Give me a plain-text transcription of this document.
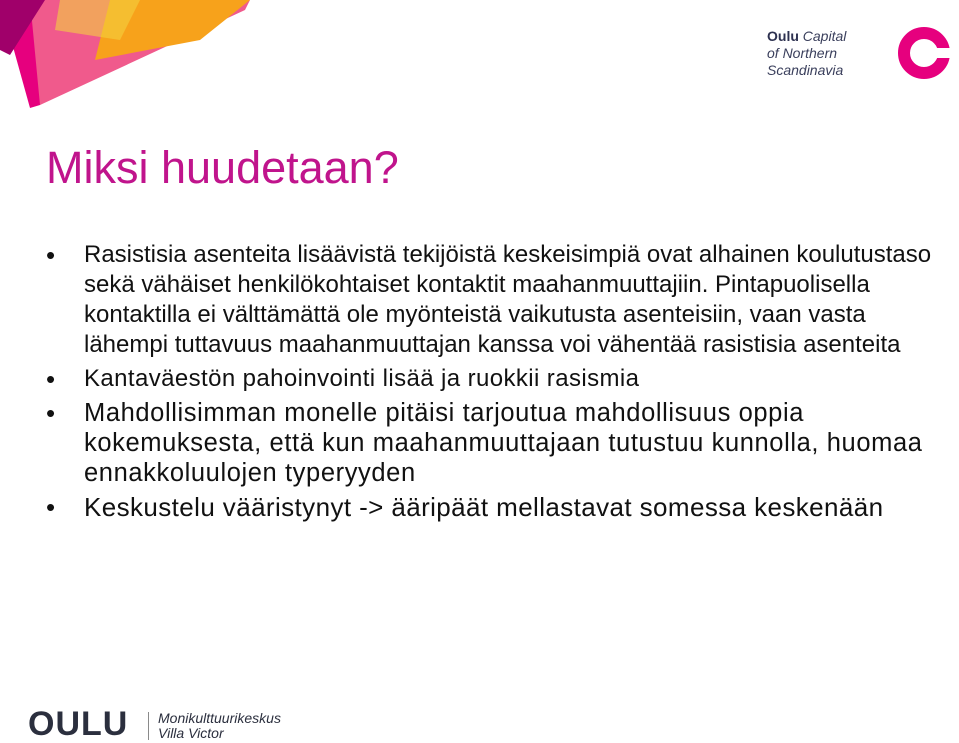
Oulu Capital
of Northern
Scandinavia
Miksi huudetaan?
• Rasistisia asenteita lisäävistä tekijöistä keskeisimpiä ovat alhainen koulutustaso sekä vähäiset henkilökohtaiset kontaktit maahanmuuttajiin. Pintapuolisella kontaktilla ei välttämättä ole myönteistä vaikutusta asenteisiin, vaan vasta lähempi tuttavuus maahanmuuttajan kanssa voi vähentää rasistisia asenteita
• Kantaväestön pahoinvointi lisää ja ruokkii rasismia
• Mahdollisimman monelle pitäisi tarjoutua mahdollisuus oppia kokemuksesta, että kun maahanmuuttajaan tutustuu kunnolla, huomaa ennakkoluulojen typeryyden
• Keskustelu vääristynyt -> ääripäät mellastavat somessa keskenään
OULU Monikulttuurikeskus
Villa Victor
